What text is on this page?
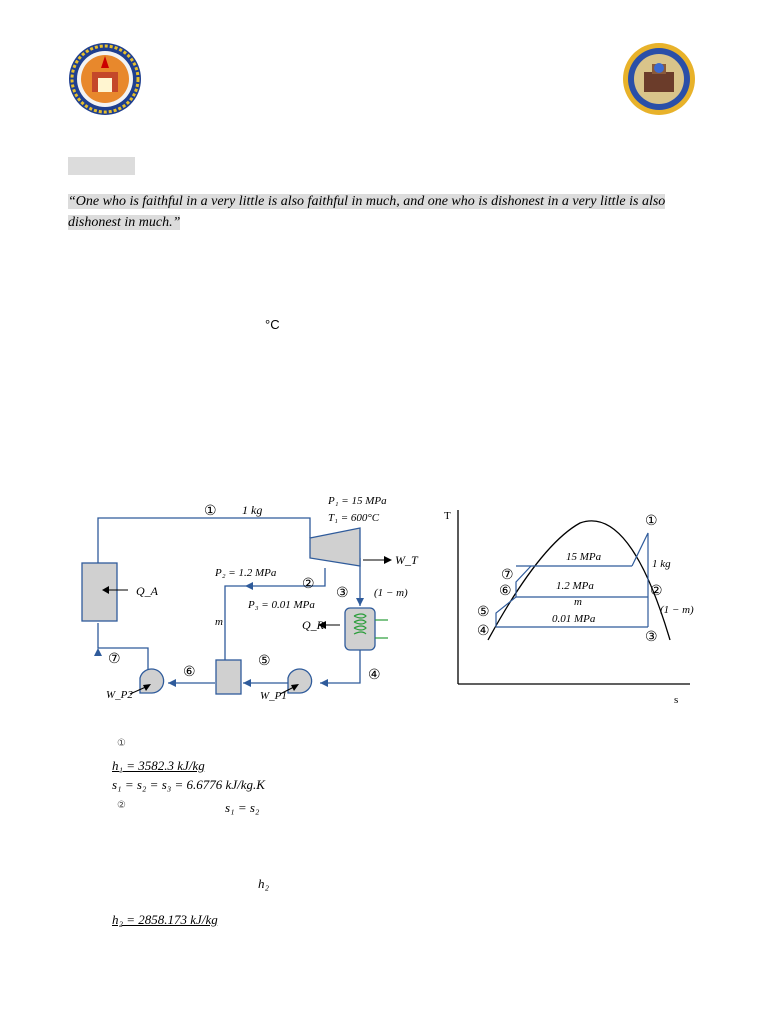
“One who is faithful in a very little is also faithful in much, and one who is dishonest in a very little is also dishonest in much.”
°C
Q_A
W_T
Q_R
W_P1
W_P2
① 1 kg
P₁ = 15 MPa
T₁ = 600°C
P₂ = 1.2 MPa
②
③ (1 − m)
P₃ = 0.01 MPa
m
④
⑤
⑥
⑦
T
s
15 MPa
1.2 MPa
m
0.01 MPa
1 kg
(1 − m)
①
②
③
④
⑤
⑥
⑦
①
h₁ = 3582.3 kJ/kg
s₁ = s₂ = s₃ = 6.6776 kJ/kg.K
②	s₁ = s₂
h₂
h₂ = 2858.173 kJ/kg
